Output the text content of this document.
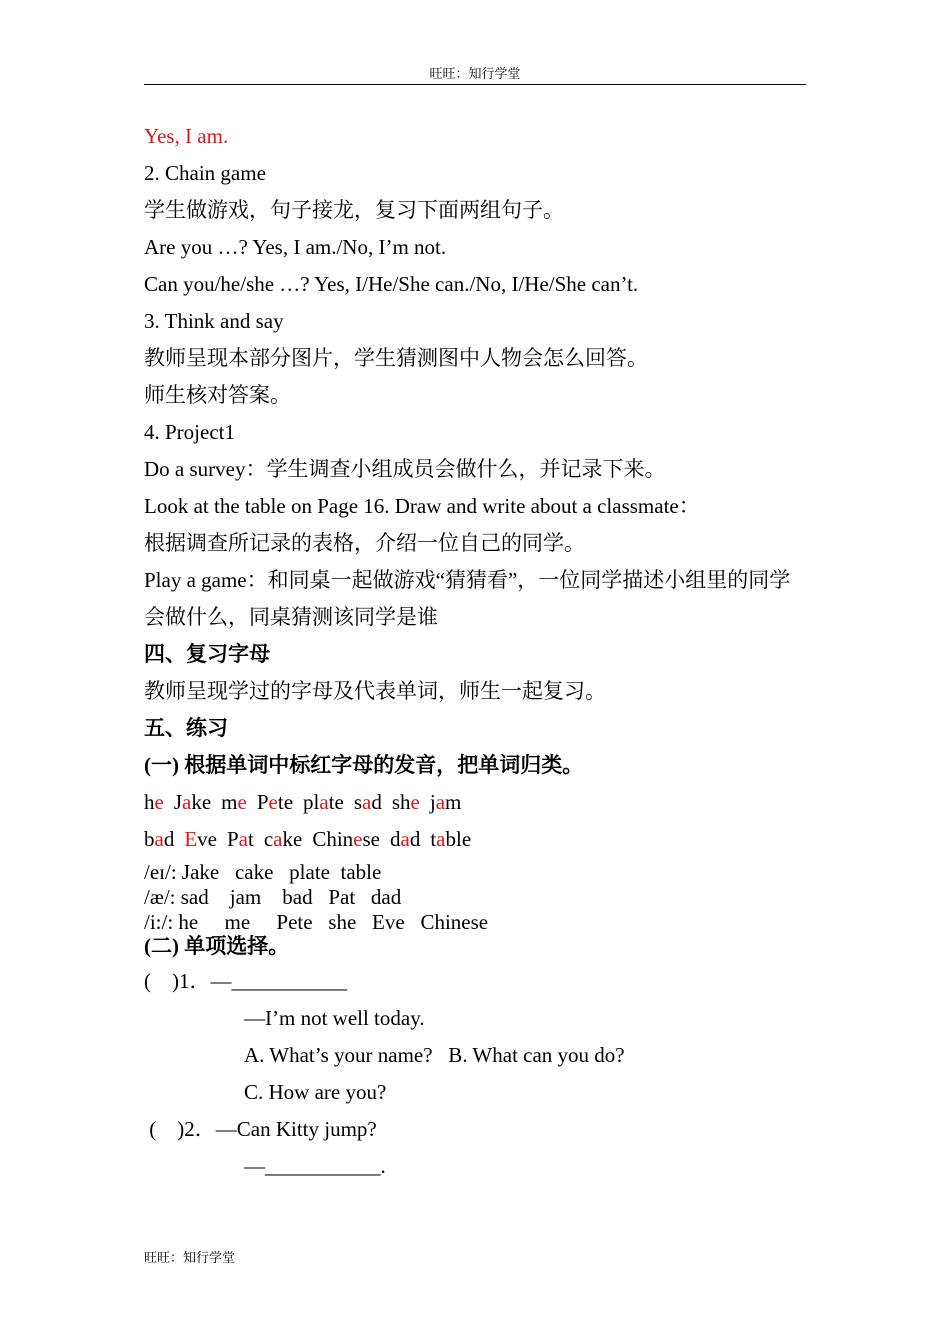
旺旺：知行学堂
Yes, I am.
2. Chain game
学生做游戏，句子接龙，复习下面两组句子。
Are you …? Yes, I am./No, I’m not.
Can you/he/she …? Yes, I/He/She can./No, I/He/She can’t.
3. Think and say
教师呈现本部分图片，学生猜测图中人物会怎么回答。
师生核对答案。
4. Project1
Do a survey：学生调查小组成员会做什么，并记录下来。
Look at the table on Page 16. Draw and write about a classmate：
根据调查所记录的表格，介绍一位自己的同学。
Play a game：和同桌一起做游戏“猜猜看”，一位同学描述小组里的同学会做什么，同桌猜测该同学是谁
四、复习字母
教师呈现学过的字母及代表单词，师生一起复习。
五、练习
(一) 根据单词中标红字母的发音，把单词归类。
he Jake me Pete plate sad she jam
bad Eve Pat cake Chinese dad table
/eɪ/: Jake   cake   plate  table
/æ/: sad    jam    bad   Pat   dad
/i:/: he     me     Pete   she   Eve   Chinese
(二) 单项选择。
(    )1．—___________
—I’m not well today.
A. What’s your name?   B. What can you do?
C. How are you?
(    )2．—Can Kitty jump?
—___________.
旺旺：知行学堂
